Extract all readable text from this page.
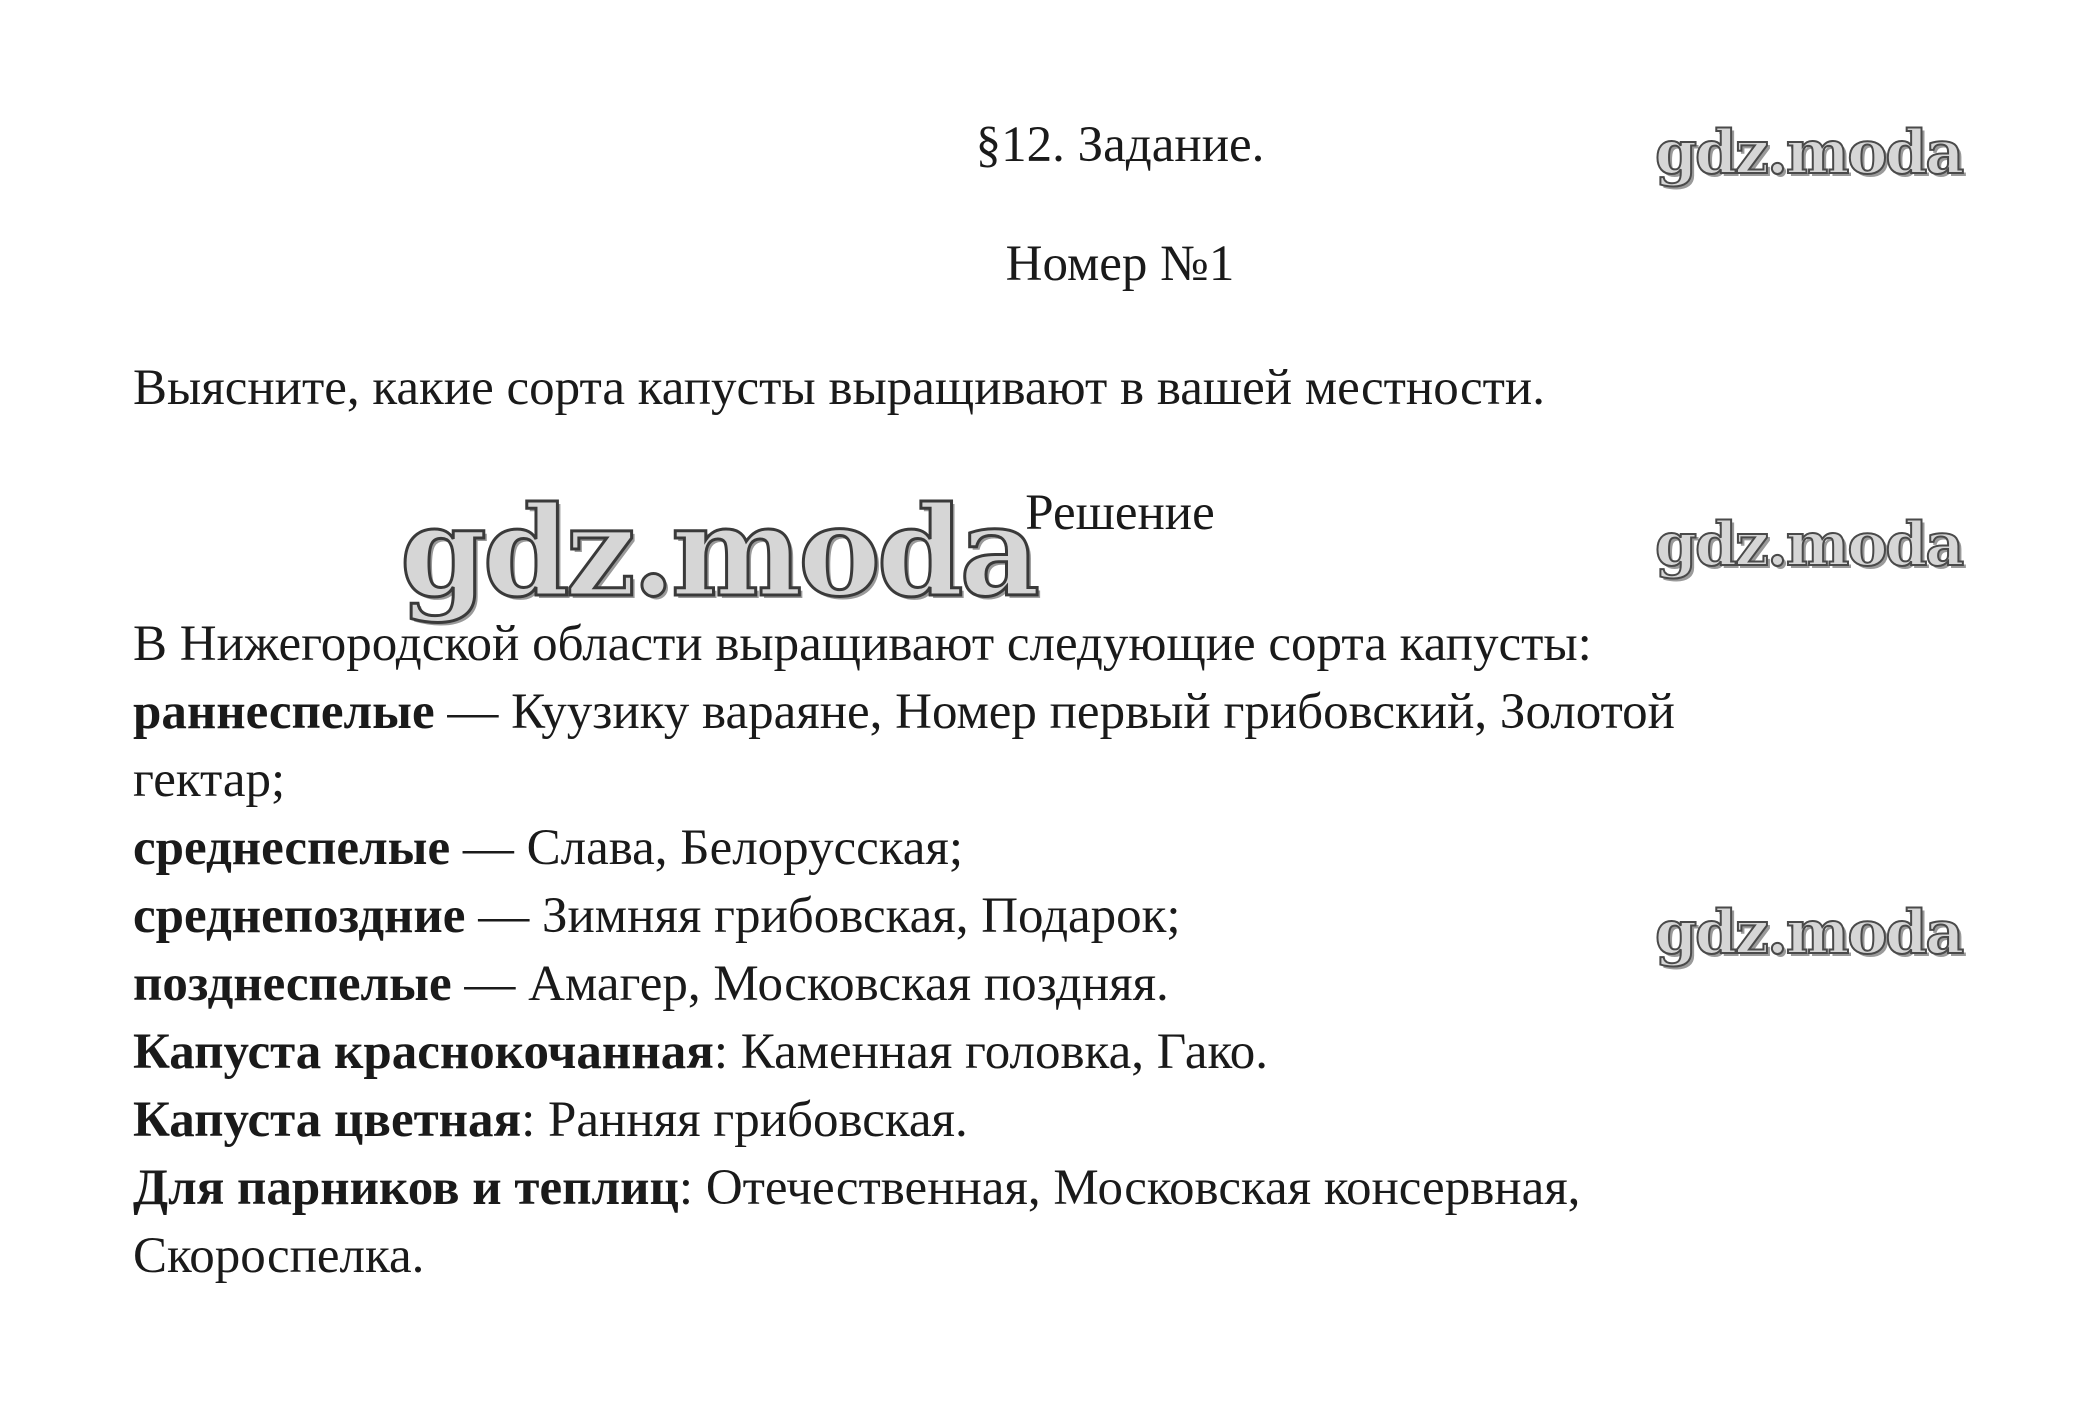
§12. Задание.
Номер №1
Выясните, какие сорта капусты выращивают в вашей местности.
Решение
В Нижегородской области выращивают следующие сорта капусты:
раннеспелые — Куузику вараяне, Номер первый грибовский, Золотой
гектар;
среднеспелые — Слава, Белорусская;
среднепоздние — Зимняя грибовская, Подарок;
позднеспелые — Амагер, Московская поздняя.
Капуста краснокочанная: Каменная головка, Гако.
Капуста цветная: Ранняя грибовская.
Для парников и теплиц: Отечественная, Московская консервная,
Скороспелка.
gdz.moda
gdz.moda	gdz.moda
gdz.moda
